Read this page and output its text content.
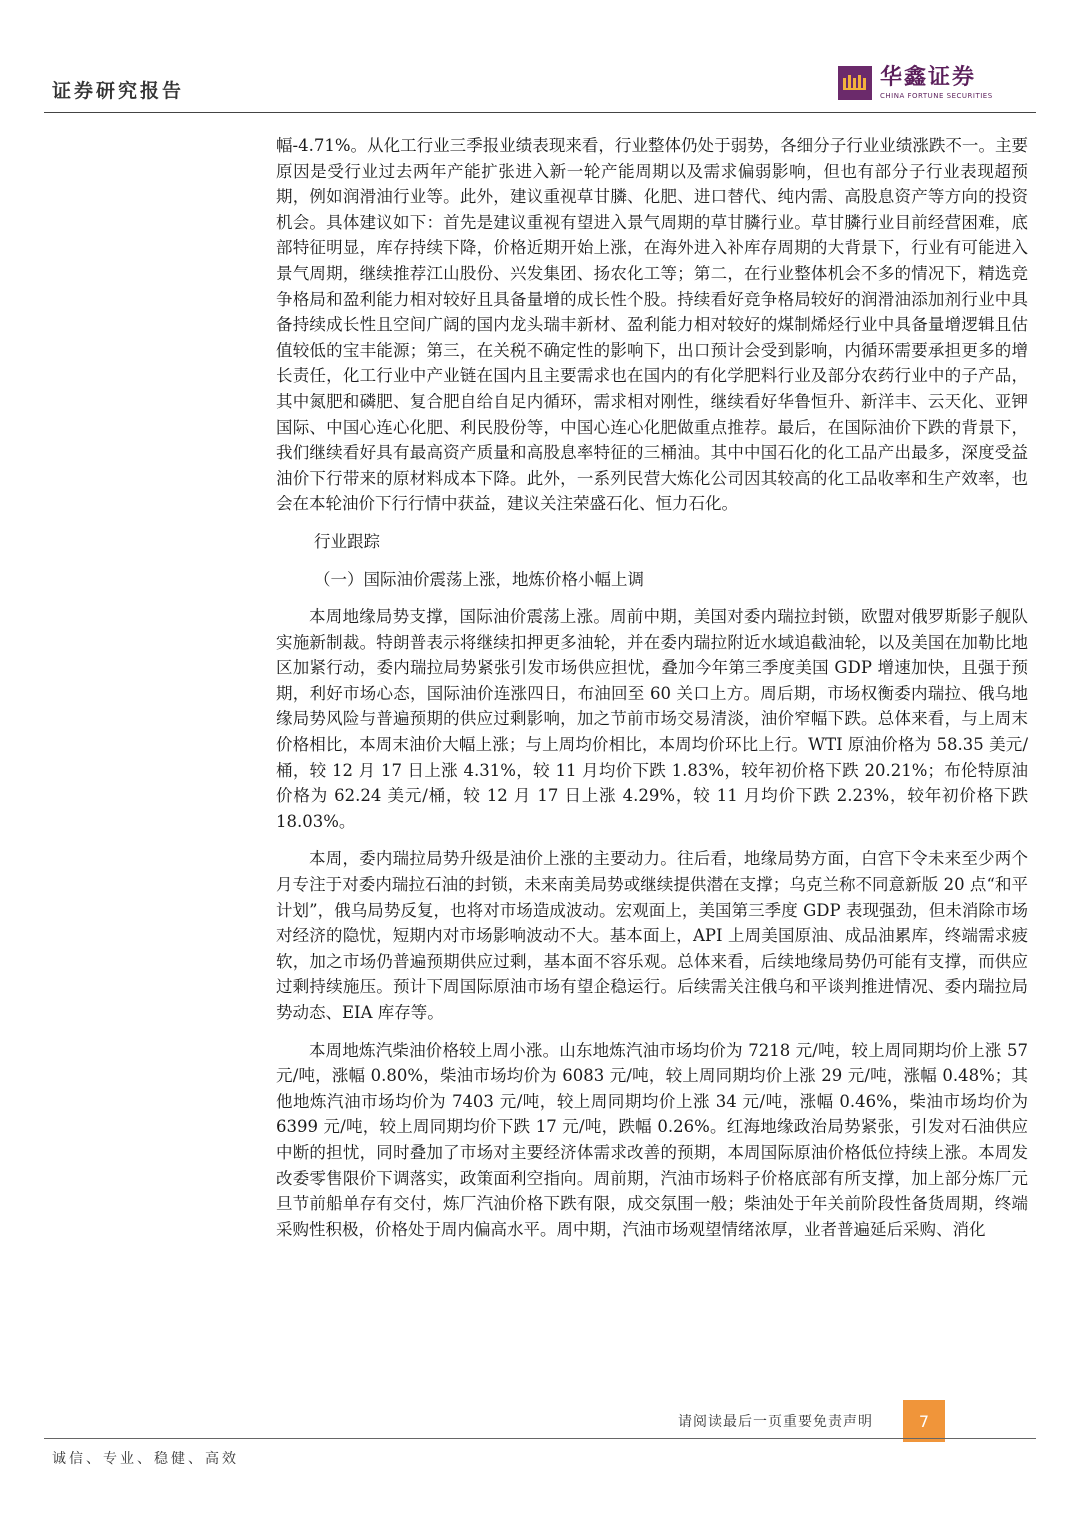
证券研究报告
华鑫证券
CHINA FORTUNE SECURITIES

幅-4.71%。从化工行业三季报业绩表现来看，行业整体仍处于弱势，各细分子行业业绩涨跌不一。主要原因是受行业过去两年产能扩张进入新一轮产能周期以及需求偏弱影响，但也有部分子行业表现超预期，例如润滑油行业等。此外，建议重视草甘膦、化肥、进口替代、纯内需、高股息资产等方向的投资机会。具体建议如下：首先是建议重视有望进入景气周期的草甘膦行业。草甘膦行业目前经营困难，底部特征明显，库存持续下降，价格近期开始上涨，在海外进入补库存周期的大背景下，行业有可能进入景气周期，继续推荐江山股份、兴发集团、扬农化工等；第二，在行业整体机会不多的情况下，精选竞争格局和盈利能力相对较好且具备量增的成长性个股。持续看好竞争格局较好的润滑油添加剂行业中具备持续成长性且空间广阔的国内龙头瑞丰新材、盈利能力相对较好的煤制烯烃行业中具备量增逻辑且估值较低的宝丰能源；第三，在关税不确定性的影响下，出口预计会受到影响，内循环需要承担更多的增长责任，化工行业中产业链在国内且主要需求也在国内的有化学肥料行业及部分农药行业中的子产品，其中氮肥和磷肥、复合肥自给自足内循环，需求相对刚性，继续看好华鲁恒升、新洋丰、云天化、亚钾国际、中国心连心化肥、利民股份等，中国心连心化肥做重点推荐。最后，在国际油价下跌的背景下，我们继续看好具有最高资产质量和高股息率特征的三桶油。其中中国石化的化工品产出最多，深度受益油价下行带来的原材料成本下降。此外，一系列民营大炼化公司因其较高的化工品收率和生产效率，也会在本轮油价下行行情中获益，建议关注荣盛石化、恒力石化。

行业跟踪

（一）国际油价震荡上涨，地炼价格小幅上调

本周地缘局势支撑，国际油价震荡上涨。周前中期，美国对委内瑞拉封锁，欧盟对俄罗斯影子舰队实施新制裁。特朗普表示将继续扣押更多油轮，并在委内瑞拉附近水域追截油轮，以及美国在加勒比地区加紧行动，委内瑞拉局势紧张引发市场供应担忧，叠加今年第三季度美国 GDP 增速加快，且强于预期，利好市场心态，国际油价连涨四日，布油回至 60 关口上方。周后期，市场权衡委内瑞拉、俄乌地缘局势风险与普遍预期的供应过剩影响，加之节前市场交易清淡，油价窄幅下跌。总体来看，与上周末价格相比，本周末油价大幅上涨；与上周均价相比，本周均价环比上行。WTI 原油价格为 58.35 美元/桶，较 12 月 17 日上涨 4.31%，较 11 月均价下跌 1.83%，较年初价格下跌 20.21%；布伦特原油价格为 62.24 美元/桶，较 12 月 17 日上涨 4.29%，较 11 月均价下跌 2.23%，较年初价格下跌 18.03%。

本周，委内瑞拉局势升级是油价上涨的主要动力。往后看，地缘局势方面，白宫下令未来至少两个月专注于对委内瑞拉石油的封锁，未来南美局势或继续提供潜在支撑；乌克兰称不同意新版 20 点“和平计划”，俄乌局势反复，也将对市场造成波动。宏观面上，美国第三季度 GDP 表现强劲，但未消除市场对经济的隐忧，短期内对市场影响波动不大。基本面上，API 上周美国原油、成品油累库，终端需求疲软，加之市场仍普遍预期供应过剩，基本面不容乐观。总体来看，后续地缘局势仍可能有支撑，而供应过剩持续施压。预计下周国际原油市场有望企稳运行。后续需关注俄乌和平谈判推进情况、委内瑞拉局势动态、EIA 库存等。

本周地炼汽柴油价格较上周小涨。山东地炼汽油市场均价为 7218 元/吨，较上周同期均价上涨 57 元/吨，涨幅 0.80%，柴油市场均价为 6083 元/吨，较上周同期均价上涨 29 元/吨，涨幅 0.48%；其他地炼汽油市场均价为 7403 元/吨，较上周同期均价上涨 34 元/吨，涨幅 0.46%，柴油市场均价为 6399 元/吨，较上周同期均价下跌 17 元/吨，跌幅 0.26%。红海地缘政治局势紧张，引发对石油供应中断的担忧，同时叠加了市场对主要经济体需求改善的预期，本周国际原油价格低位持续上涨。本周发改委零售限价下调落实，政策面利空指向。周前期，汽油市场料子价格底部有所支撑，加上部分炼厂元旦节前船单存有交付，炼厂汽油价格下跌有限，成交氛围一般；柴油处于年关前阶段性备货周期，终端采购性积极，价格处于周内偏高水平。周中期，汽油市场观望情绪浓厚，业者普遍延后采购、消化

请阅读最后一页重要免责声明	7
诚信、专业、稳健、高效
